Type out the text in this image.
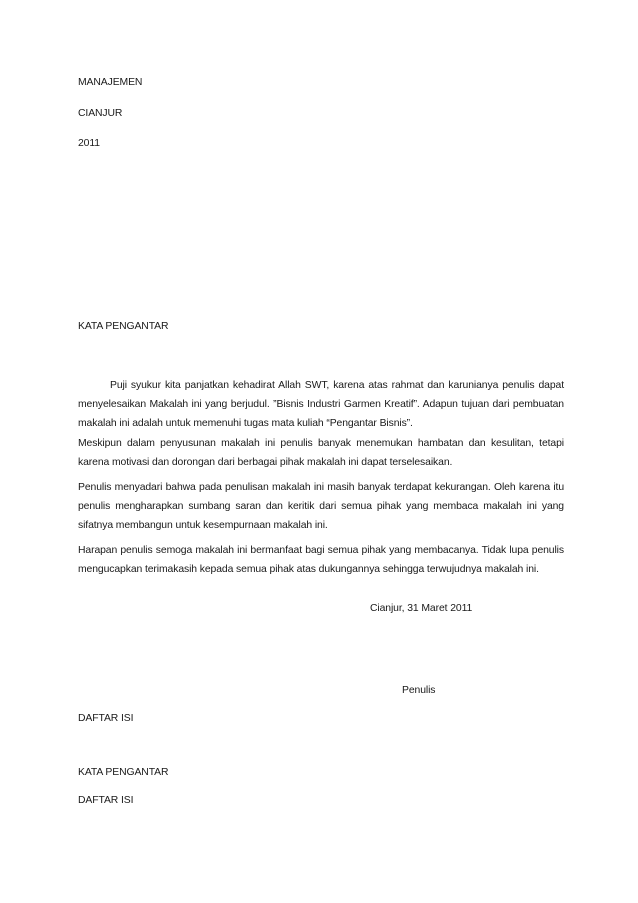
MANAJEMEN

CIANJUR

2011

KATA PENGANTAR

Puji syukur kita panjatkan kehadirat Allah SWT, karena atas rahmat dan karunianya penulis dapat menyelesaikan Makalah ini yang berjudul. ”Bisnis Industri Garmen Kreatif”. Adapun tujuan dari pembuatan makalah ini adalah untuk memenuhi tugas mata kuliah “Pengantar Bisnis”.

Meskipun dalam penyusunan makalah ini penulis banyak menemukan hambatan dan kesulitan, tetapi karena motivasi dan dorongan dari berbagai pihak makalah ini dapat terselesaikan.

Penulis menyadari bahwa pada penulisan makalah ini masih banyak terdapat kekurangan. Oleh karena itu penulis mengharapkan sumbang saran dan keritik dari semua pihak yang membaca makalah ini yang sifatnya membangun untuk kesempurnaan makalah ini.

Harapan penulis semoga makalah ini bermanfaat bagi semua pihak yang membacanya. Tidak lupa penulis mengucapkan terimakasih kepada semua pihak atas dukungannya sehingga terwujudnya makalah ini.

Cianjur, 31 Maret 2011

Penulis

DAFTAR ISI

KATA PENGANTAR

DAFTAR ISI
